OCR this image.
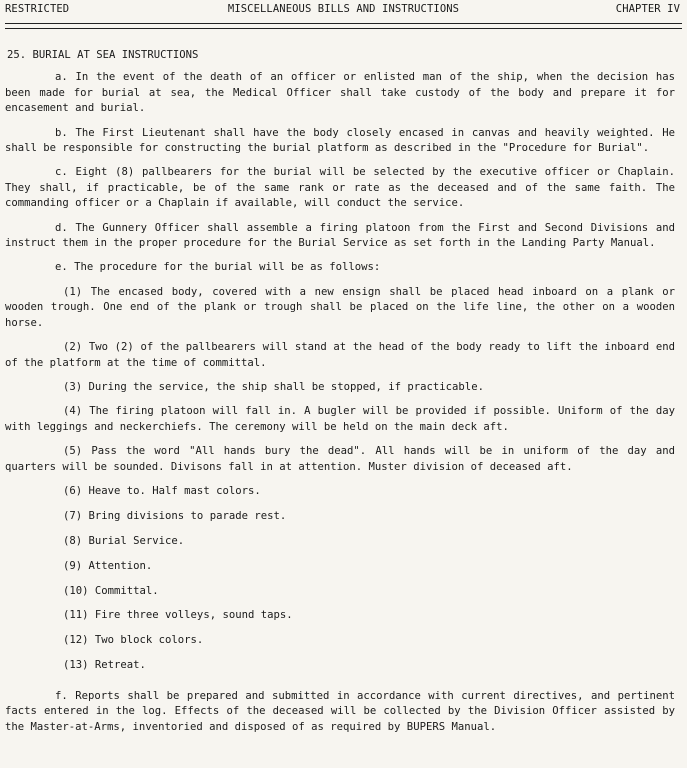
RESTRICTED	MISCELLANEOUS BILLS AND INSTRUCTIONS	CHAPTER IV
25. BURIAL AT SEA INSTRUCTIONS

a. In the event of the death of an officer or enlisted man of the ship, when the decision has been made for burial at sea, the Medical Officer shall take custody of the body and prepare it for encasement and burial.

b. The First Lieutenant shall have the body closely encased in canvas and heavily weighted. He shall be responsible for constructing the burial platform as described in the "Procedure for Burial".

c. Eight (8) pallbearers for the burial will be selected by the executive officer or Chaplain. They shall, if practicable, be of the same rank or rate as the deceased and of the same faith. The commanding officer or a Chaplain if available, will conduct the service.

d. The Gunnery Officer shall assemble a firing platoon from the First and Second Divisions and instruct them in the proper procedure for the Burial Service as set forth in the Landing Party Manual.

e. The procedure for the burial will be as follows:

(1) The encased body, covered with a new ensign shall be placed head inboard on a plank or wooden trough. One end of the plank or trough shall be placed on the life line, the other on a wooden horse.

(2) Two (2) of the pallbearers will stand at the head of the body ready to lift the inboard end of the platform at the time of committal.

(3) During the service, the ship shall be stopped, if practicable.

(4) The firing platoon will fall in. A bugler will be provided if possible. Uniform of the day with leggings and neckerchiefs. The ceremony will be held on the main deck aft.

(5) Pass the word "All hands bury the dead". All hands will be in uniform of the day and quarters will be sounded. Divisons fall in at attention. Muster division of deceased aft.

(6) Heave to. Half mast colors.
(7) Bring divisions to parade rest.
(8) Burial Service.
(9) Attention.
(10) Committal.
(11) Fire three volleys, sound taps.
(12) Two block colors.
(13) Retreat.

f. Reports shall be prepared and submitted in accordance with current directives, and pertinent facts entered in the log. Effects of the deceased will be collected by the Division Officer assisted by the Master-at-Arms, inventoried and disposed of as required by BUPERS Manual.
